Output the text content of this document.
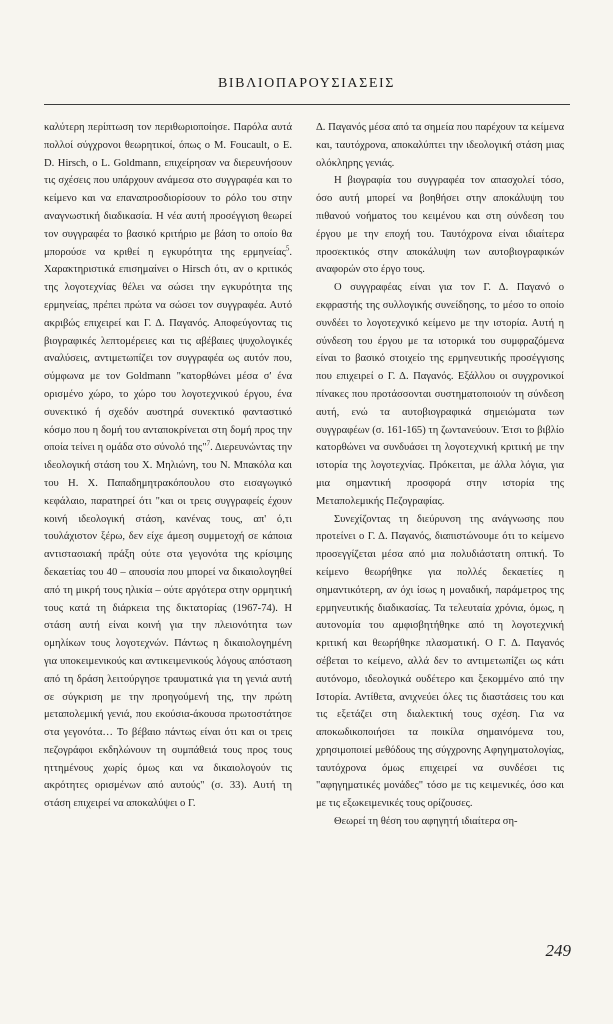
ΒΙΒΛΙΟΠΑΡΟΥΣΙΑΣΕΙΣ

καλύτερη περίπτωση τον περιθωριοποίησε. Παρόλα αυτά πολλοί σύγχρονοι θεωρητικοί, όπως ο M. Foucault, o E. D. Hirsch, o L. Goldmann, επιχείρησαν να διερευνήσουν τις σχέσεις που υπάρχουν ανάμεσα στο συγγραφέα και το κείμενο και να επαναπροσδιορίσουν το ρόλο του στην αναγνωστική διαδικασία. Η νέα αυτή προσέγγιση θεωρεί τον συγγραφέα το βασικό κριτήριο με βάση το οποίο θα μπορούσε να κριθεί η εγκυρότητα της ερμηνείας$^5$. Χαρακτηριστικά επισημαίνει ο Hirsch ότι, αν ο κριτικός της λογοτεχνίας θέλει να σώσει την εγκυρότητα της ερμηνείας, πρέπει πρώτα να σώσει τον συγγραφέα. Αυτό ακριβώς επιχειρεί και Γ. Δ. Παγανός. Αποφεύγοντας τις βιογραφικές λεπτομέρειες και τις αβέβαιες ψυχολογικές αναλύσεις, αντιμετωπίζει τον συγγραφέα ως αυτόν που, σύμφωνα με τον Goldmann "κατορθώνει μέσα σ' ένα ορισμένο χώρο, το χώρο του λογοτεχνικού έργου, ένα συνεκτικό ή σχεδόν αυστηρά συνεκτικό φανταστικό κόσμο που η δομή του ανταποκρίνεται στη δομή προς την οποία τείνει η ομάδα στο σύνολό της"$^7$. Διερευνώντας την ιδεολογική στάση του Χ. Μηλιώνη, του Ν. Μπακόλα και του Η. Χ. Παπαδημητρακόπουλου στο εισαγωγικό κεφάλαιο, παρατηρεί ότι "και οι τρεις συγγραφείς έχουν κοινή ιδεολογική στάση, κανένας τους, απ' ό,τι τουλάχιστον ξέρω, δεν είχε άμεση συμμετοχή σε κάποια αντιστασιακή πράξη ούτε στα γεγονότα της κρίσιμης δεκαετίας του 40 – απουσία που μπορεί να δικαιολογηθεί από τη μικρή τους ηλικία – ούτε αργότερα στην ορμητική τους κατά τη διάρκεια της δικτατορίας (1967-74). Η στάση αυτή είναι κοινή για την πλειονότητα των ομηλίκων τους λογοτεχνών. Πάντως η δικαιολογημένη για υποκειμενικούς και αντικειμενικούς λόγους απόσταση από τη δράση λειτούργησε τραυματικά για τη γενιά αυτή σε σύγκριση με την προηγούμενή της, την πρώτη μεταπολεμική γενιά, που εκούσια-άκουσα πρωτοστάτησε στα γεγονότα… Το βέβαιο πάντως είναι ότι και οι τρεις πεζογράφοι εκδηλώνουν τη συμπάθειά τους προς τους ηττημένους χωρίς όμως και να δικαιολογούν τις ακρότητες ορισμένων από αυτούς" (σ. 33). Αυτή τη στάση επιχειρεί να αποκαλύψει ο Γ.

Δ. Παγανός μέσα από τα σημεία που παρέχουν τα κείμενα και, ταυτόχρονα, αποκαλύπτει την ιδεολογική στάση μιας ολόκληρης γενιάς.

Η βιογραφία του συγγραφέα τον απασχολεί τόσο, όσο αυτή μπορεί να βοηθήσει στην αποκάλυψη του πιθανού νοήματος του κειμένου και στη σύνδεση του έργου με την εποχή του. Ταυτόχρονα είναι ιδιαίτερα προσεκτικός στην αποκάλυψη των αυτοβιογραφικών αναφορών στο έργο τους.

Ο συγγραφέας είναι για τον Γ. Δ. Παγανό ο εκφραστής της συλλογικής συνείδησης, το μέσο το οποίο συνδέει το λογοτεχνικό κείμενο με την ιστορία. Αυτή η σύνδεση του έργου με τα ιστορικά του συμφραζόμενα είναι το βασικό στοιχείο της ερμηνευτικής προσέγγισης που επιχειρεί ο Γ. Δ. Παγανός. Εξάλλου οι συγχρονικοί πίνακες που προτάσσονται συστηματοποιούν τη σύνδεση αυτή, ενώ τα αυτοβιογραφικά σημειώματα των συγγραφέων (σ. 161-165) τη ζωντανεύουν. Έτσι το βιβλίο κατορθώνει να συνδυάσει τη λογοτεχνική κριτική με την ιστορία της λογοτεχνίας. Πρόκειται, με άλλα λόγια, για μια σημαντική προσφορά στην ιστορία της Μεταπολεμικής Πεζογραφίας.

Συνεχίζοντας τη διεύρυνση της ανάγνωσης που προτείνει ο Γ. Δ. Παγανός, διαπιστώνουμε ότι το κείμενο προσεγγίζεται μέσα από μια πολυδιάστατη οπτική. Το κείμενο θεωρήθηκε για πολλές δεκαετίες η σημαντικότερη, αν όχι ίσως η μοναδική, παράμετρος της ερμηνευτικής διαδικασίας. Τα τελευταία χρόνια, όμως, η αυτονομία του αμφισβητήθηκε από τη λογοτεχνική κριτική και θεωρήθηκε πλασματική. Ο Γ. Δ. Παγανός σέβεται το κείμενο, αλλά δεν το αντιμετωπίζει ως κάτι αυτόνομο, ιδεολογικά ουδέτερο και ξεκομμένο από την Ιστορία. Αντίθετα, ανιχνεύει όλες τις διαστάσεις του και τις εξετάζει στη διαλεκτική τους σχέση. Για να αποκωδικοποιήσει τα ποικίλα σημαινόμενα του, χρησιμοποιεί μεθόδους της σύγχρονης Αφηγηματολογίας, ταυτόχρονα όμως επιχειρεί να συνδέσει τις "αφηγηματικές μονάδες" τόσο με τις κειμενικές, όσο και με τις εξωκειμενικές τους ορίζουσες.

Θεωρεί τη θέση του αφηγητή ιδιαίτερα ση-

249
